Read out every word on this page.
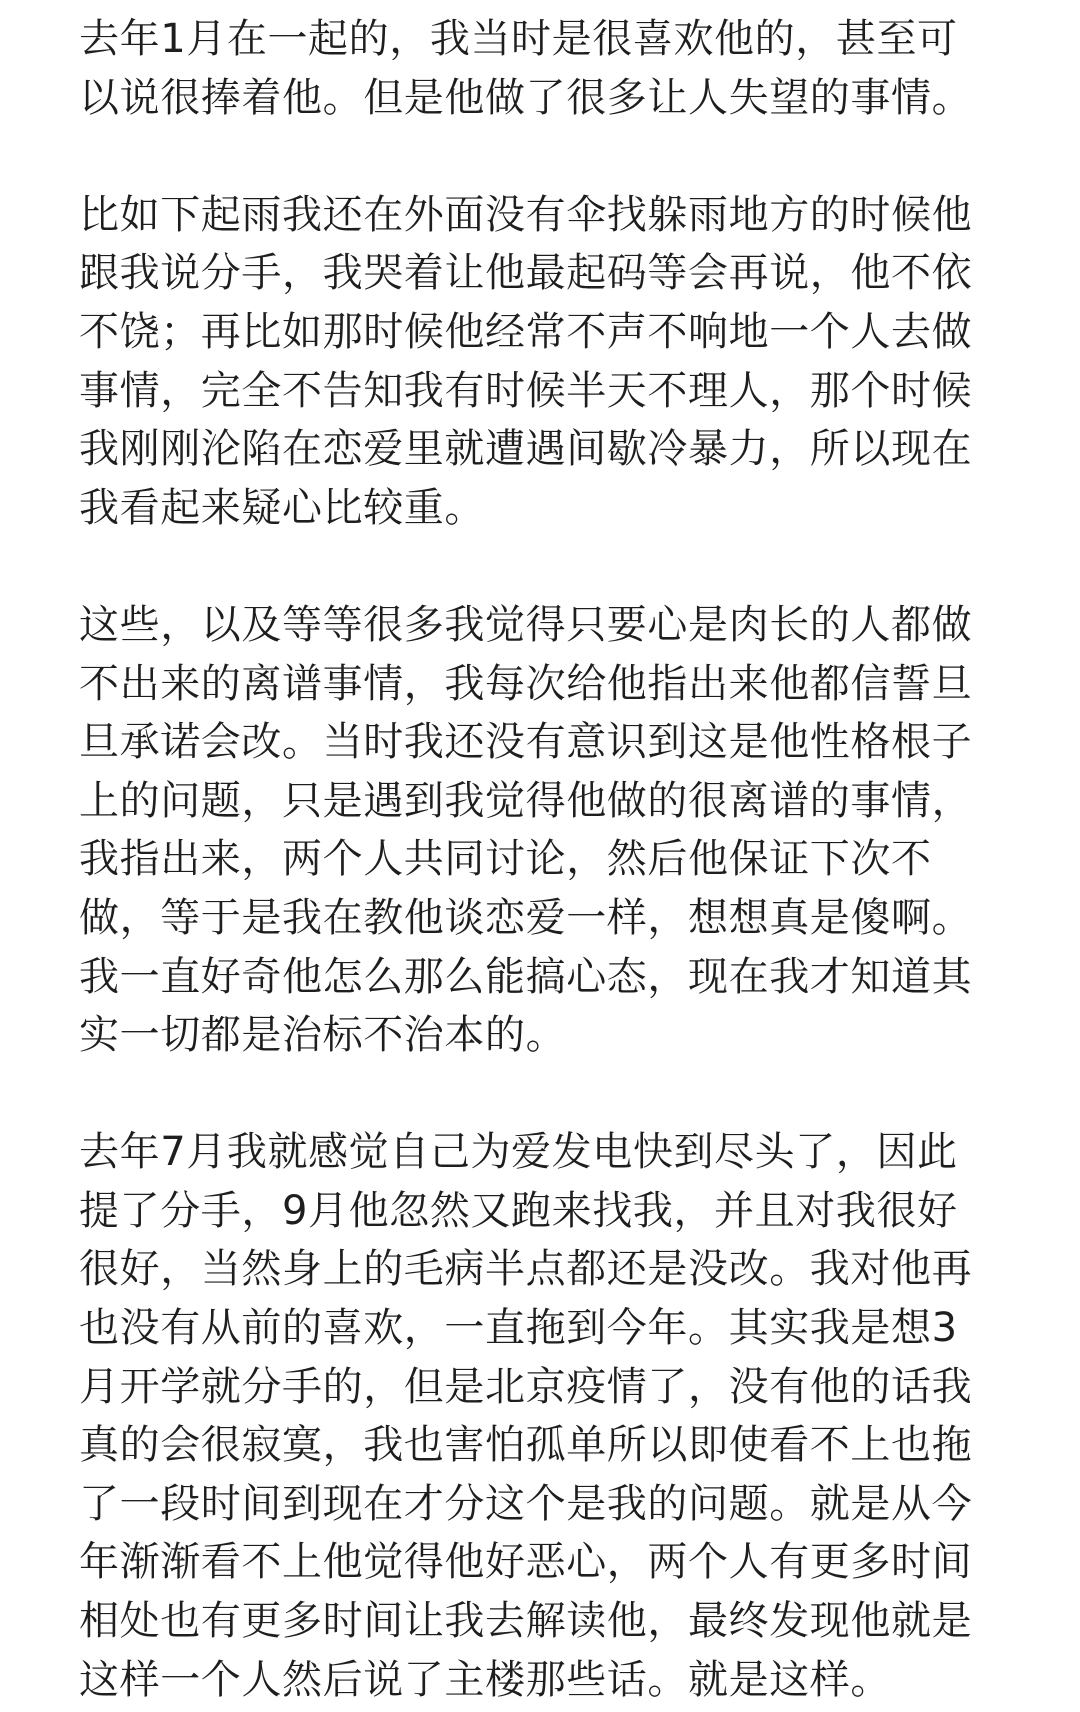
去年1月在一起的，我当时是很喜欢他的，甚至可
以说很捧着他。但是他做了很多让人失望的事情。

比如下起雨我还在外面没有伞找躲雨地方的时候他
跟我说分手，我哭着让他最起码等会再说，他不依
不饶；再比如那时候他经常不声不响地一个人去做
事情，完全不告知我有时候半天不理人，那个时候
我刚刚沦陷在恋爱里就遭遇间歇冷暴力，所以现在
我看起来疑心比较重。

这些，以及等等很多我觉得只要心是肉长的人都做
不出来的离谱事情，我每次给他指出来他都信誓旦
旦承诺会改。当时我还没有意识到这是他性格根子
上的问题，只是遇到我觉得他做的很离谱的事情，
我指出来，两个人共同讨论，然后他保证下次不
做，等于是我在教他谈恋爱一样，想想真是傻啊。
我一直好奇他怎么那么能搞心态，现在我才知道其
实一切都是治标不治本的。

去年7月我就感觉自己为爱发电快到尽头了，因此
提了分手，9月他忽然又跑来找我，并且对我很好
很好，当然身上的毛病半点都还是没改。我对他再
也没有从前的喜欢，一直拖到今年。其实我是想3
月开学就分手的，但是北京疫情了，没有他的话我
真的会很寂寞，我也害怕孤单所以即使看不上也拖
了一段时间到现在才分这个是我的问题。就是从今
年渐渐看不上他觉得他好恶心，两个人有更多时间
相处也有更多时间让我去解读他，最终发现他就是
这样一个人然后说了主楼那些话。就是这样。
